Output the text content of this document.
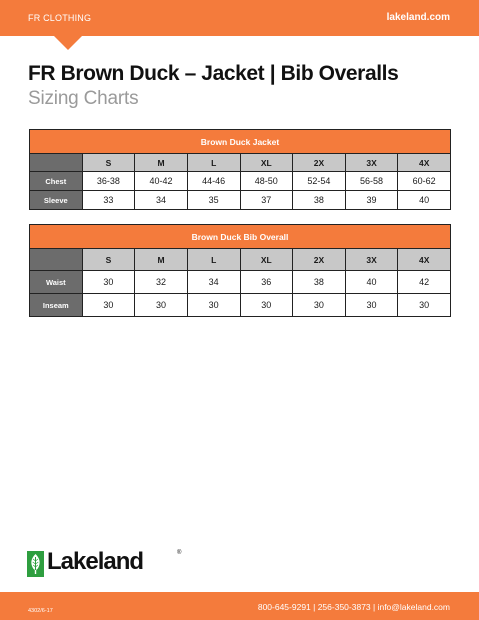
FR CLOTHING	lakeland.com
FR Brown Duck – Jacket | Bib Overalls
Sizing Charts
Brown Duck Jacket							
	S	M	L	XL	2X	3X	4X
Chest	36-38	40-42	44-46	48-50	52-54	56-58	60-62
Sleeve	33	34	35	37	38	39	40
Brown Duck Bib Overall							
	S	M	L	XL	2X	3X	4X
Waist	30	32	34	36	38	40	42
Inseam	30	30	30	30	30	30	30
Lakeland	®
4302/6-17	800-645-9291 | 256-350-3873 | info@lakeland.com
